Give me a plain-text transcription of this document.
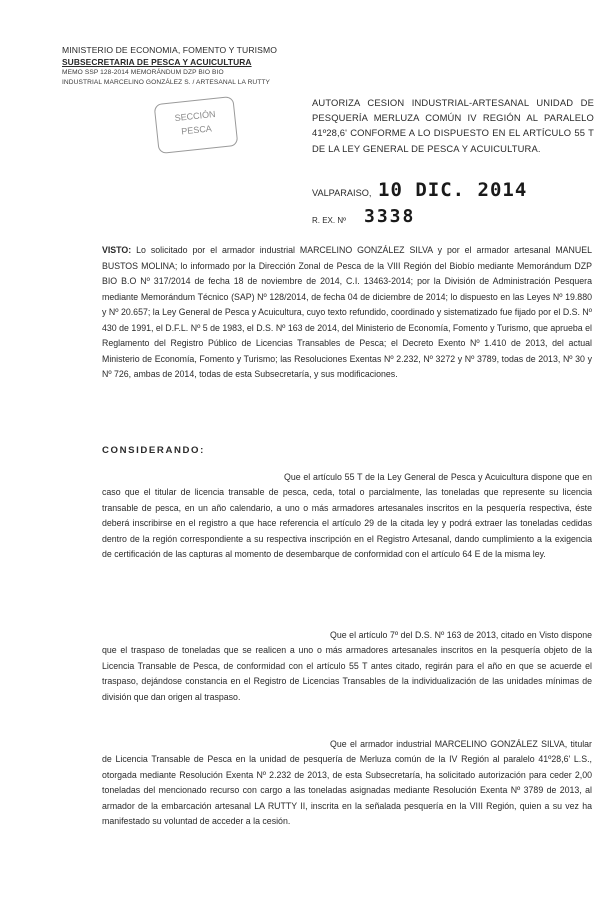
MINISTERIO DE ECONOMIA, FOMENTO Y TURISMO
SUBSECRETARIA DE PESCA Y ACUICULTURA
MEMO SSP 128-2014 MEMORÁNDUM DZP BIO BIO
INDUSTRIAL MARCELINO GONZÁLEZ S. / ARTESANAL LA RUTTY
SECCIÓN
PESCA
AUTORIZA CESION INDUSTRIAL-ARTESANAL UNIDAD DE PESQUERÍA MERLUZA COMÚN IV REGIÓN AL PARALELO 41º28,6' CONFORME A LO DISPUESTO EN EL ARTÍCULO 55 T DE LA LEY GENERAL DE PESCA Y ACUICULTURA.
VALPARAISO, 10 DIC. 2014
R. EX. Nº 3338
VISTO: Lo solicitado por el armador industrial MARCELINO GONZÁLEZ SILVA y por el armador artesanal MANUEL BUSTOS MOLINA; lo informado por la Dirección Zonal de Pesca de la VIII Región del Biobío mediante Memorándum DZP BIO B.O Nº 317/2014 de fecha 18 de noviembre de 2014, C.I. 13463-2014; por la División de Administración Pesquera mediante Memorándum Técnico (SAP) Nº 128/2014, de fecha 04 de diciembre de 2014; lo dispuesto en las Leyes Nº 19.880 y Nº 20.657; la Ley General de Pesca y Acuicultura, cuyo texto refundido, coordinado y sistematizado fue fijado por el D.S. Nº 430 de 1991, el D.F.L. Nº 5 de 1983, el D.S. Nº 163 de 2014, del Ministerio de Economía, Fomento y Turismo, que aprueba el Reglamento del Registro Público de Licencias Transables de Pesca; el Decreto Exento Nº 1.410 de 2013, del actual Ministerio de Economía, Fomento y Turismo; las Resoluciones Exentas Nº 2.232, Nº 3272 y Nº 3789, todas de 2013, Nº 30 y Nº 726, ambas de 2014, todas de esta Subsecretaría, y sus modificaciones.
CONSIDERANDO:
Que el artículo 55 T de la Ley General de Pesca y Acuicultura dispone que en caso que el titular de licencia transable de pesca, ceda, total o parcialmente, las toneladas que represente su licencia transable de pesca, en un año calendario, a uno o más armadores artesanales inscritos en la pesquería respectiva, éste deberá inscribirse en el registro a que hace referencia el artículo 29 de la citada ley y podrá extraer las toneladas cedidas dentro de la región correspondiente a su respectiva inscripción en el Registro Artesanal, dando cumplimiento a la exigencia de certificación de las capturas al momento de desembarque de conformidad con el artículo 64 E de la misma ley.
Que el artículo 7º del D.S. Nº 163 de 2013, citado en Visto dispone que el traspaso de toneladas que se realicen a uno o más armadores artesanales inscritos en la pesquería objeto de la Licencia Transable de Pesca, de conformidad con el artículo 55 T antes citado, regirán para el año en que se acuerde el traspaso, dejándose constancia en el Registro de Licencias Transables de la individualización de las unidades mínimas de división que dan origen al traspaso.
Que el armador industrial MARCELINO GONZÁLEZ SILVA, titular de Licencia Transable de Pesca en la unidad de pesquería de Merluza común de la IV Región al paralelo 41º28,6' L.S., otorgada mediante Resolución Exenta Nº 2.232 de 2013, de esta Subsecretaría, ha solicitado autorización para ceder 2,00 toneladas del mencionado recurso con cargo a las toneladas asignadas mediante Resolución Exenta Nº 3789 de 2013, al armador de la embarcación artesanal LA RUTTY II, inscrita en la señalada pesquería en la VIII Región, quien a su vez ha manifestado su voluntad de acceder a la cesión.
